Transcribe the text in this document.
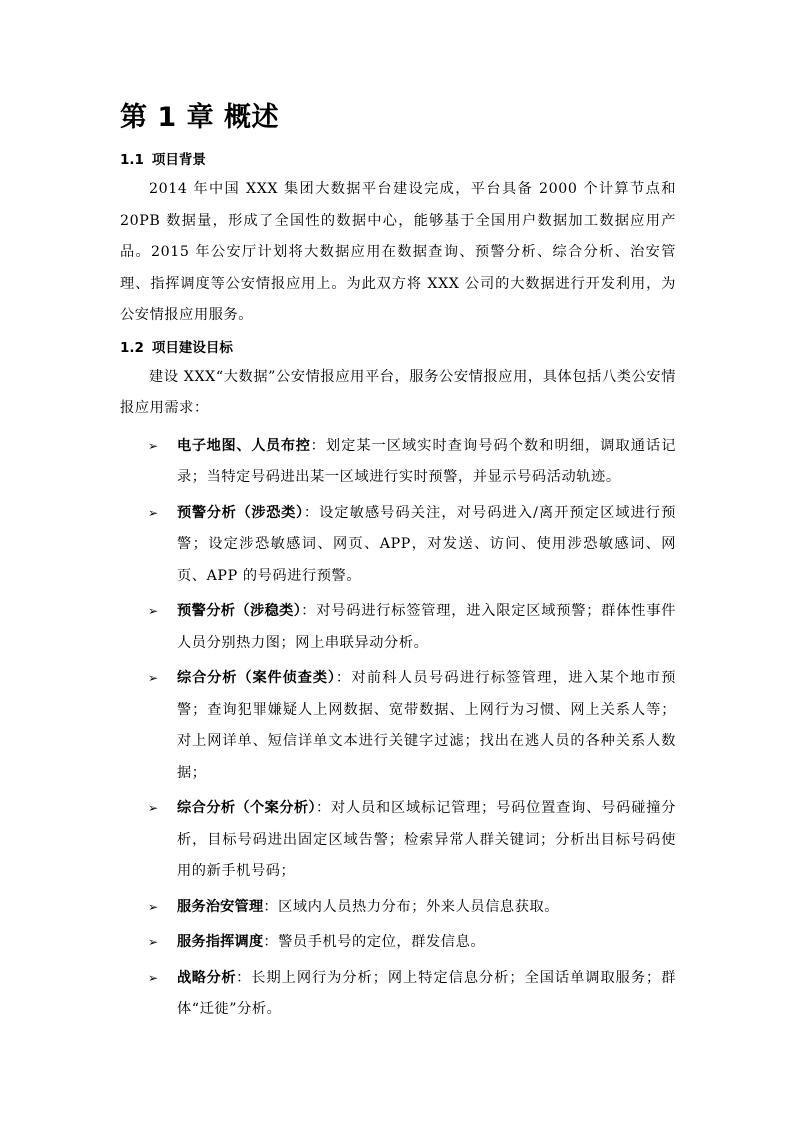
第 1 章 概述
1.1 项目背景

2014 年中国 XXX 集团大数据平台建设完成，平台具备 2000 个计算节点和 20PB 数据量，形成了全国性的数据中心，能够基于全国用户数据加工数据应用产品。2015 年公安厅计划将大数据应用在数据查询、预警分析、综合分析、治安管理、指挥调度等公安情报应用上。为此双方将 XXX 公司的大数据进行开发利用，为公安情报应用服务。

1.2 项目建设目标

建设 XXX“大数据”公安情报应用平台，服务公安情报应用，具体包括八类公安情报应用需求：

➢ 电子地图、人员布控：划定某一区域实时查询号码个数和明细，调取通话记录；当特定号码进出某一区域进行实时预警，并显示号码活动轨迹。
➢ 预警分析（涉恐类）：设定敏感号码关注，对号码进入/离开预定区域进行预警；设定涉恐敏感词、网页、APP，对发送、访问、使用涉恐敏感词、网页、APP 的号码进行预警。
➢ 预警分析（涉稳类）：对号码进行标签管理，进入限定区域预警；群体性事件人员分别热力图；网上串联异动分析。
➢ 综合分析（案件侦查类）：对前科人员号码进行标签管理，进入某个地市预警；查询犯罪嫌疑人上网数据、宽带数据、上网行为习惯、网上关系人等；对上网详单、短信详单文本进行关键字过滤；找出在逃人员的各种关系人数据；
➢ 综合分析（个案分析）：对人员和区域标记管理；号码位置查询、号码碰撞分析，目标号码进出固定区域告警；检索异常人群关键词；分析出目标号码使用的新手机号码；
➢ 服务治安管理：区域内人员热力分布；外来人员信息获取。
➢ 服务指挥调度：警员手机号的定位，群发信息。
➢ 战略分析：长期上网行为分析；网上特定信息分析；全国话单调取服务；群体“迁徙”分析。
